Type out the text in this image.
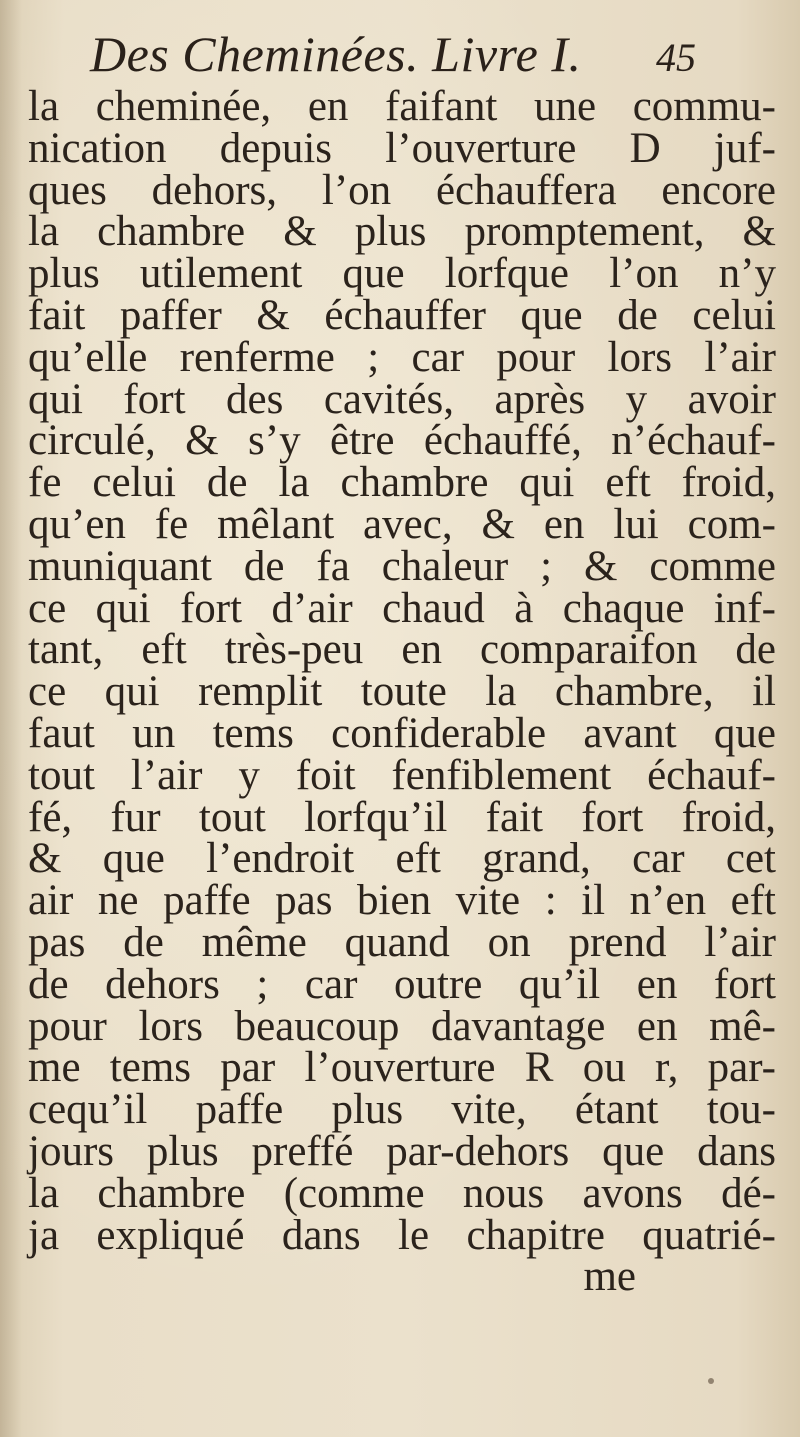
Des Cheminées. Livre I. 45
la cheminée, en faifant une commu-
nication depuis l’ouverture D juf-
ques dehors, l’on échauffera encore
la chambre & plus promptement, &
plus utilement que lorfque l’on n’y
fait paffer & échauffer que de celui
qu’elle renferme ; car pour lors l’air
qui fort des cavités, après y avoir
circulé, & s’y être échauffé, n’échauf-
fe celui de la chambre qui eft froid,
qu’en fe mêlant avec, & en lui com-
muniquant de fa chaleur ; & comme
ce qui fort d’air chaud à chaque inf-
tant, eft très-peu en comparaifon de
ce qui remplit toute la chambre, il
faut un tems confiderable avant que
tout l’air y foit fenfiblement échauf-
fé, fur tout lorfqu’il fait fort froid,
& que l’endroit eft grand, car cet
air ne paffe pas bien vite : il n’en eft
pas de même quand on prend l’air
de dehors ; car outre qu’il en fort
pour lors beaucoup davantage en mê-
me tems par l’ouverture R ou r, par-
cequ’il paffe plus vite, étant tou-
jours plus preffé par-dehors que dans
la chambre (comme nous avons dé-
ja expliqué dans le chapitre quatrié-
me
